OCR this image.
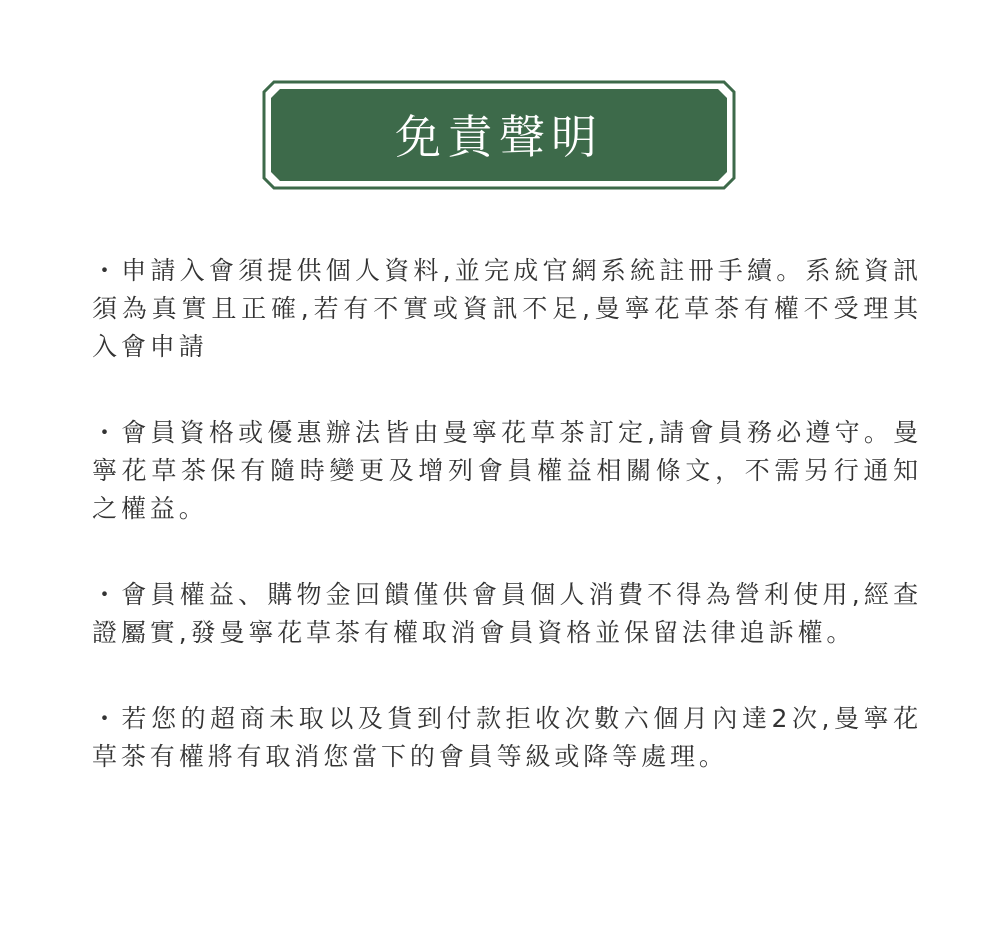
免責聲明

・申請入會須提供個人資料,並完成官網系統註冊手續。系統資訊須為真實且正確,若有不實或資訊不足,曼寧花草茶有權不受理其入會申請

・會員資格或優惠辦法皆由曼寧花草茶訂定,請會員務必遵守。曼寧花草茶保有隨時變更及增列會員權益相關條文，不需另行通知之權益。

・會員權益、購物金回饋僅供會員個人消費不得為營利使用,經查證屬實,發曼寧花草茶有權取消會員資格並保留法律追訴權。

・若您的超商未取以及貨到付款拒收次數六個月內達2次,曼寧花草茶有權將有取消您當下的會員等級或降等處理。
